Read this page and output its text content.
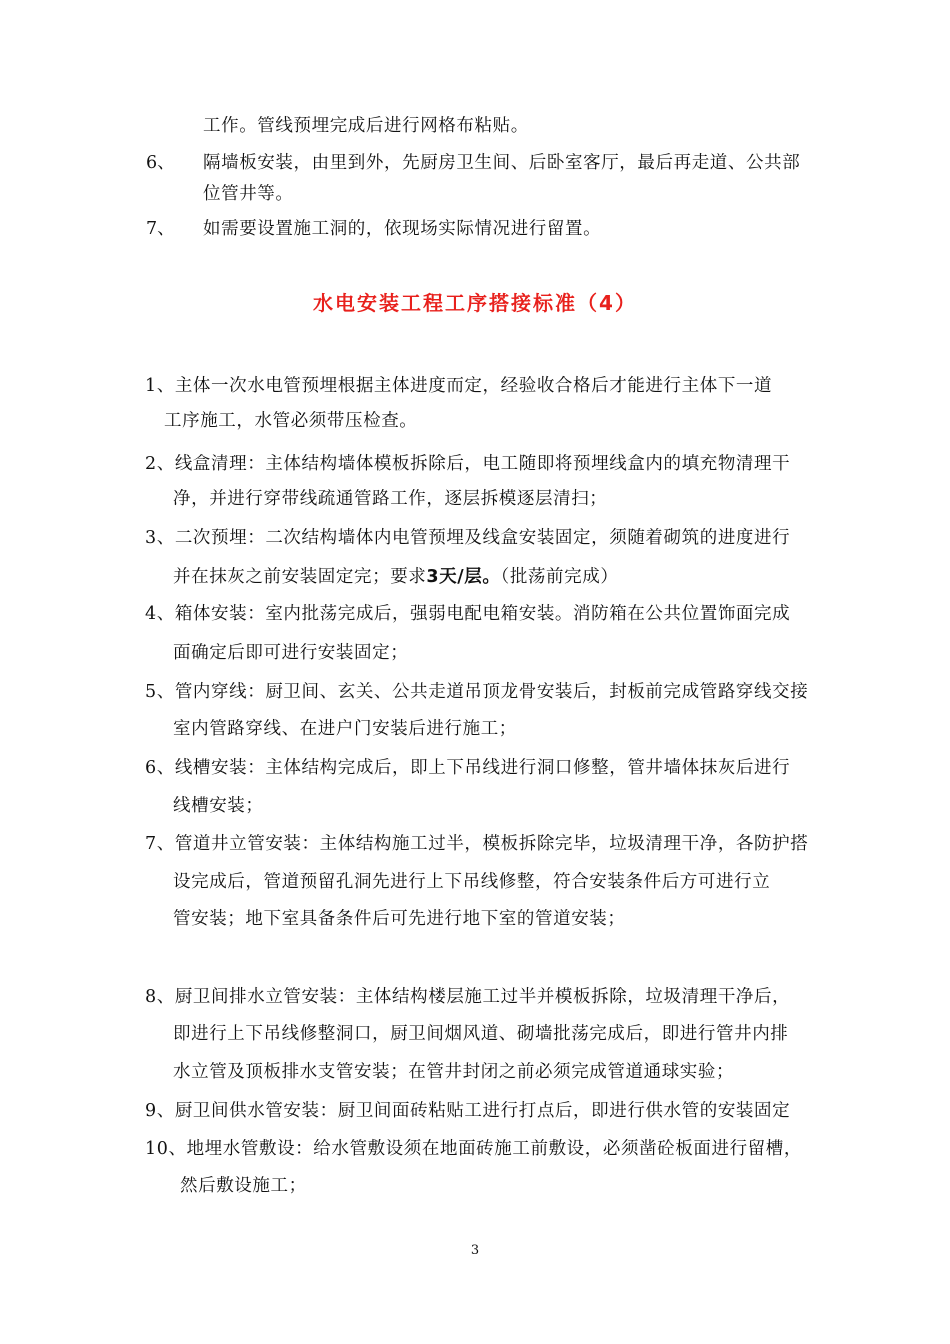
工作。管线预埋完成后进行网格布粘贴。
6、 隔墙板安装，由里到外，先厨房卫生间、后卧室客厅，最后再走道、公共部
位管井等。
7、 如需要设置施工洞的，依现场实际情况进行留置。
水电安装工程工序搭接标准（4）
1、主体一次水电管预埋根据主体进度而定，经验收合格后才能进行主体下一道
工序施工，水管必须带压检查。
2、线盒清理：主体结构墙体模板拆除后，电工随即将预埋线盒内的填充物清理干
净，并进行穿带线疏通管路工作，逐层拆模逐层清扫；
3、二次预埋：二次结构墙体内电管预埋及线盒安装固定，须随着砌筑的进度进行
并在抹灰之前安装固定完；要求3天/层。（批荡前完成）
4、箱体安装：室内批荡完成后，强弱电配电箱安装。消防箱在公共位置饰面完成
面确定后即可进行安装固定；
5、管内穿线：厨卫间、玄关、公共走道吊顶龙骨安装后，封板前完成管路穿线交接
室内管路穿线、在进户门安装后进行施工；
6、线槽安装：主体结构完成后，即上下吊线进行洞口修整，管井墙体抹灰后进行
线槽安装；
7、管道井立管安装：主体结构施工过半，模板拆除完毕，垃圾清理干净，各防护搭
设完成后，管道预留孔洞先进行上下吊线修整，符合安装条件后方可进行立
管安装；地下室具备条件后可先进行地下室的管道安装；
8、厨卫间排水立管安装：主体结构楼层施工过半并模板拆除，垃圾清理干净后，
即进行上下吊线修整洞口，厨卫间烟风道、砌墙批荡完成后，即进行管井内排
水立管及顶板排水支管安装；在管井封闭之前必须完成管道通球实验；
9、厨卫间供水管安装：厨卫间面砖粘贴工进行打点后，即进行供水管的安装固定
10、地埋水管敷设：给水管敷设须在地面砖施工前敷设，必须凿砼板面进行留槽，
然后敷设施工；
3
